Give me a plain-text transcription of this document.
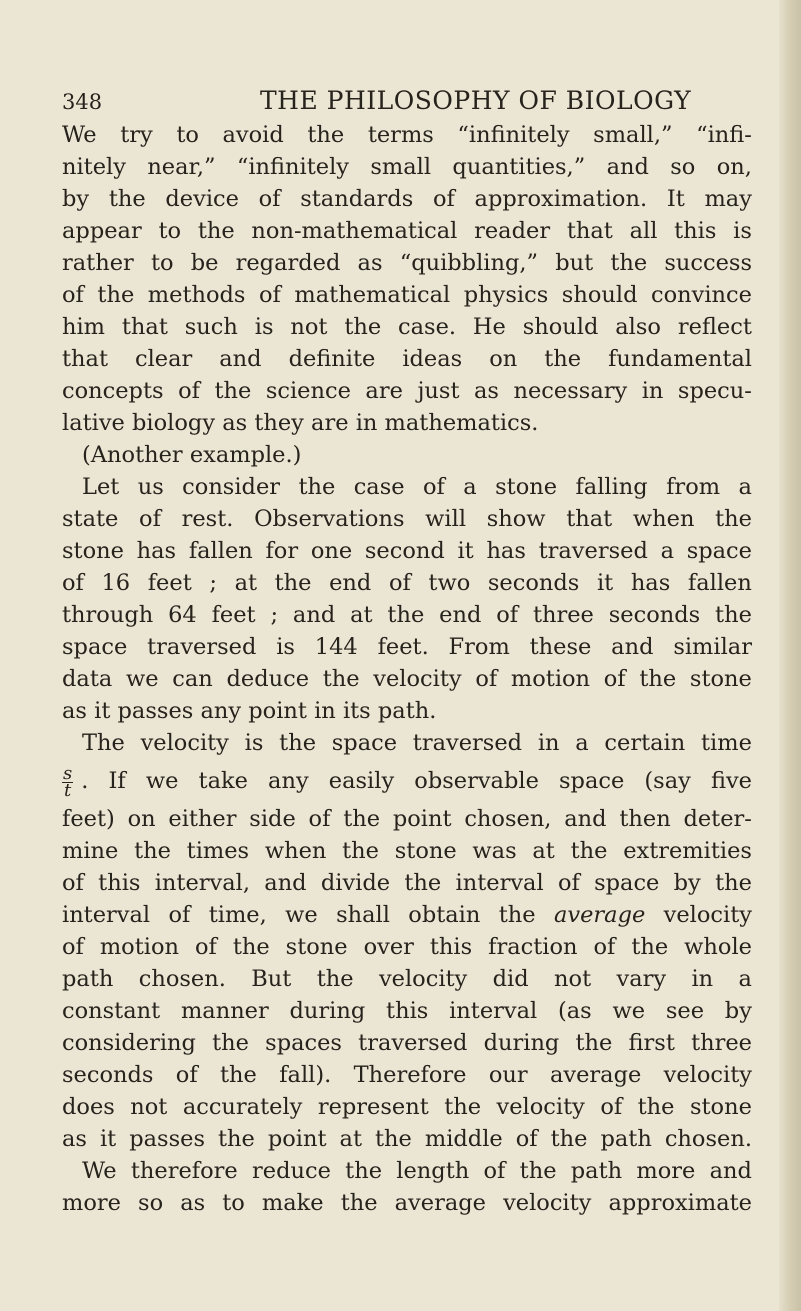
348	THE PHILOSOPHY OF BIOLOGY
We try to avoid the terms “infinitely small,” “infi-
nitely near,” “infinitely small quantities,” and so on,
by the device of standards of approximation. It may
appear to the non-mathematical reader that all this is
rather to be regarded as “quibbling,” but the success
of the methods of mathematical physics should convince
him that such is not the case. He should also reflect
that clear and definite ideas on the fundamental
concepts of the science are just as necessary in specu-
lative biology as they are in mathematics.
(Another example.)
Let us consider the case of a stone falling from a
state of rest. Observations will show that when the
stone has fallen for one second it has traversed a space
of 16 feet ; at the end of two seconds it has fallen
through 64 feet ; and at the end of three seconds the
space traversed is 144 feet. From these and similar
data we can deduce the velocity of motion of the stone
as it passes any point in its path.
The velocity is the space traversed in a certain time
$\frac{s}{t}$ . If we take any easily observable space (say five
feet) on either side of the point chosen, and then deter-
mine the times when the stone was at the extremities
of this interval, and divide the interval of space by the
interval of time, we shall obtain the average velocity
of motion of the stone over this fraction of the whole
path chosen. But the velocity did not vary in a
constant manner during this interval (as we see by
considering the spaces traversed during the first three
seconds of the fall). Therefore our average velocity
does not accurately represent the velocity of the stone
as it passes the point at the middle of the path chosen.
We therefore reduce the length of the path more and
more so as to make the average velocity approximate
